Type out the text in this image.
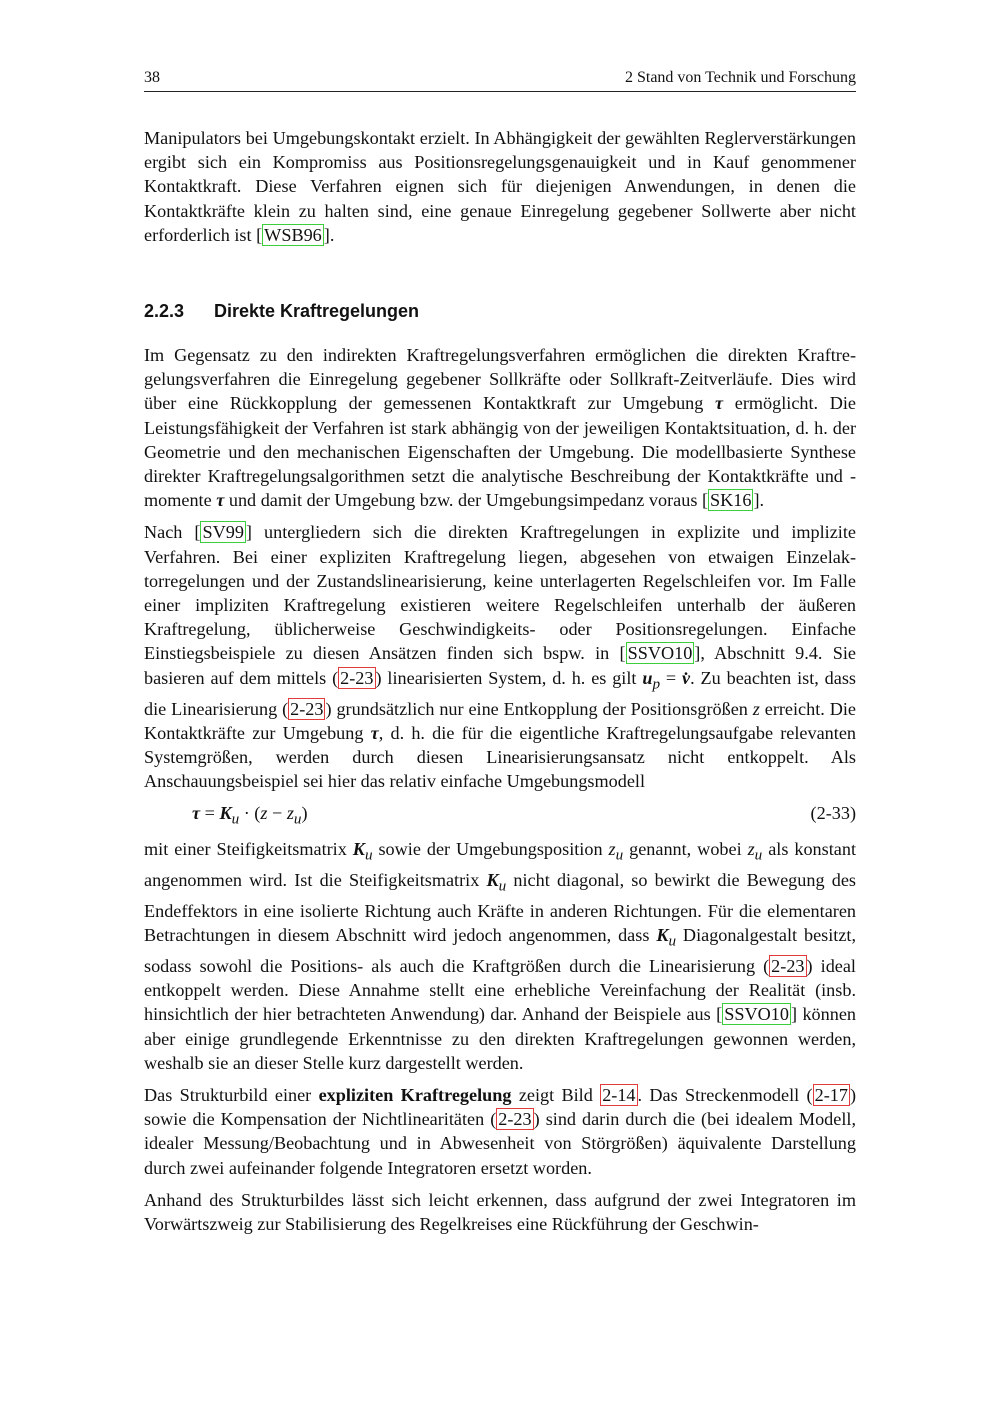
38	2 Stand von Technik und Forschung

Manipulators bei Umgebungskontakt erzielt. In Abhängigkeit der gewählten Reglerverstärkungen ergibt sich ein Kompromiss aus Positionsregelungsgenauigkeit und in Kauf genommener Kontaktkraft. Diese Verfahren eignen sich für diejenigen Anwendungen, in denen die Kontaktkräfte klein zu halten sind, eine genaue Einregelung gegebener Sollwerte aber nicht erforderlich ist [ WSB96 ].

2.2.3 Direkte Kraftregelungen

Im Gegensatz zu den indirekten Kraftregelungsverfahren ermöglichen die direkten Kraftregelungsverfahren die Einregelung gegebener Sollkräfte oder Sollkraft-Zeitverläufe. Dies wird über eine Rückkopplung der gemessenen Kontaktkraft zur Umgebung τ ermöglicht. Die Leistungsfähigkeit der Verfahren ist stark abhängig von der jeweiligen Kontaktsituation, d. h. der Geometrie und den mechanischen Eigenschaften der Umgebung. Die modellbasierte Synthese direkter Kraftregelungsalgorithmen setzt die analytische Beschreibung der Kontaktkräfte und -momente τ und damit der Umgebung bzw. der Umgebungsimpedanz voraus [ SK16 ].

Nach [ SV99 ] untergliedern sich die direkten Kraftregelungen in explizite und implizite Verfahren. Bei einer expliziten Kraftregelung liegen, abgesehen von etwaigen Einzelaktorregelungen und der Zustandslinearisierung, keine unterlagerten Regelschleifen vor. Im Falle einer impliziten Kraftregelung existieren weitere Regelschleifen unterhalb der äußeren Kraftregelung, üblicherweise Geschwindigkeits- oder Positionsregelungen. Einfache Einstiegsbeispiele zu diesen Ansätzen finden sich bspw. in [ SSVO10 ], Abschnitt 9.4. Sie basieren auf dem mittels ( 2-23 ) linearisierten System, d. h. es gilt $u_p$ = v̇. Zu beachten ist, dass die Linearisierung ( 2-23 ) grundsätzlich nur eine Entkopplung der Positionsgrößen z erreicht. Die Kontaktkräfte zur Umgebung τ, d. h. die für die eigentliche Kraftregelungsaufgabe relevanten Systemgrößen, werden durch diesen Linearisierungsansatz nicht entkoppelt. Als Anschauungsbeispiel sei hier das relativ einfache Umgebungsmodell

$\tau = K_u \cdot (z - z_u)$	(2-33)

mit einer Steifigkeitsmatrix $K_u$ sowie der Umgebungsposition $z_u$ genannt, wobei $z_u$ als konstant angenommen wird. Ist die Steifigkeitsmatrix $K_u$ nicht diagonal, so bewirkt die Bewegung des Endeffektors in eine isolierte Richtung auch Kräfte in anderen Richtungen. Für die elementaren Betrachtungen in diesem Abschnitt wird jedoch angenommen, dass $K_u$ Diagonalgestalt besitzt, sodass sowohl die Positions- als auch die Kraftgrößen durch die Linearisierung ( 2-23 ) ideal entkoppelt werden. Diese Annahme stellt eine erhebliche Vereinfachung der Realität (insb. hinsichtlich der hier betrachteten Anwendung) dar. Anhand der Beispiele aus [ SSVO10 ] können aber einige grundlegende Erkenntnisse zu den direkten Kraftregelungen gewonnen werden, weshalb sie an dieser Stelle kurz dargestellt werden.

Das Strukturbild einer expliziten Kraftregelung zeigt Bild 2-14 . Das Streckenmodell ( 2-17 ) sowie die Kompensation der Nichtlinearitäten ( 2-23 ) sind darin durch die (bei idealem Modell, idealer Messung/Beobachtung und in Abwesenheit von Störgrößen) äquivalente Darstellung durch zwei aufeinander folgende Integratoren ersetzt worden.

Anhand des Strukturbildes lässt sich leicht erkennen, dass aufgrund der zwei Integratoren im Vorwärtszweig zur Stabilisierung des Regelkreises eine Rückführung der Geschwin-
